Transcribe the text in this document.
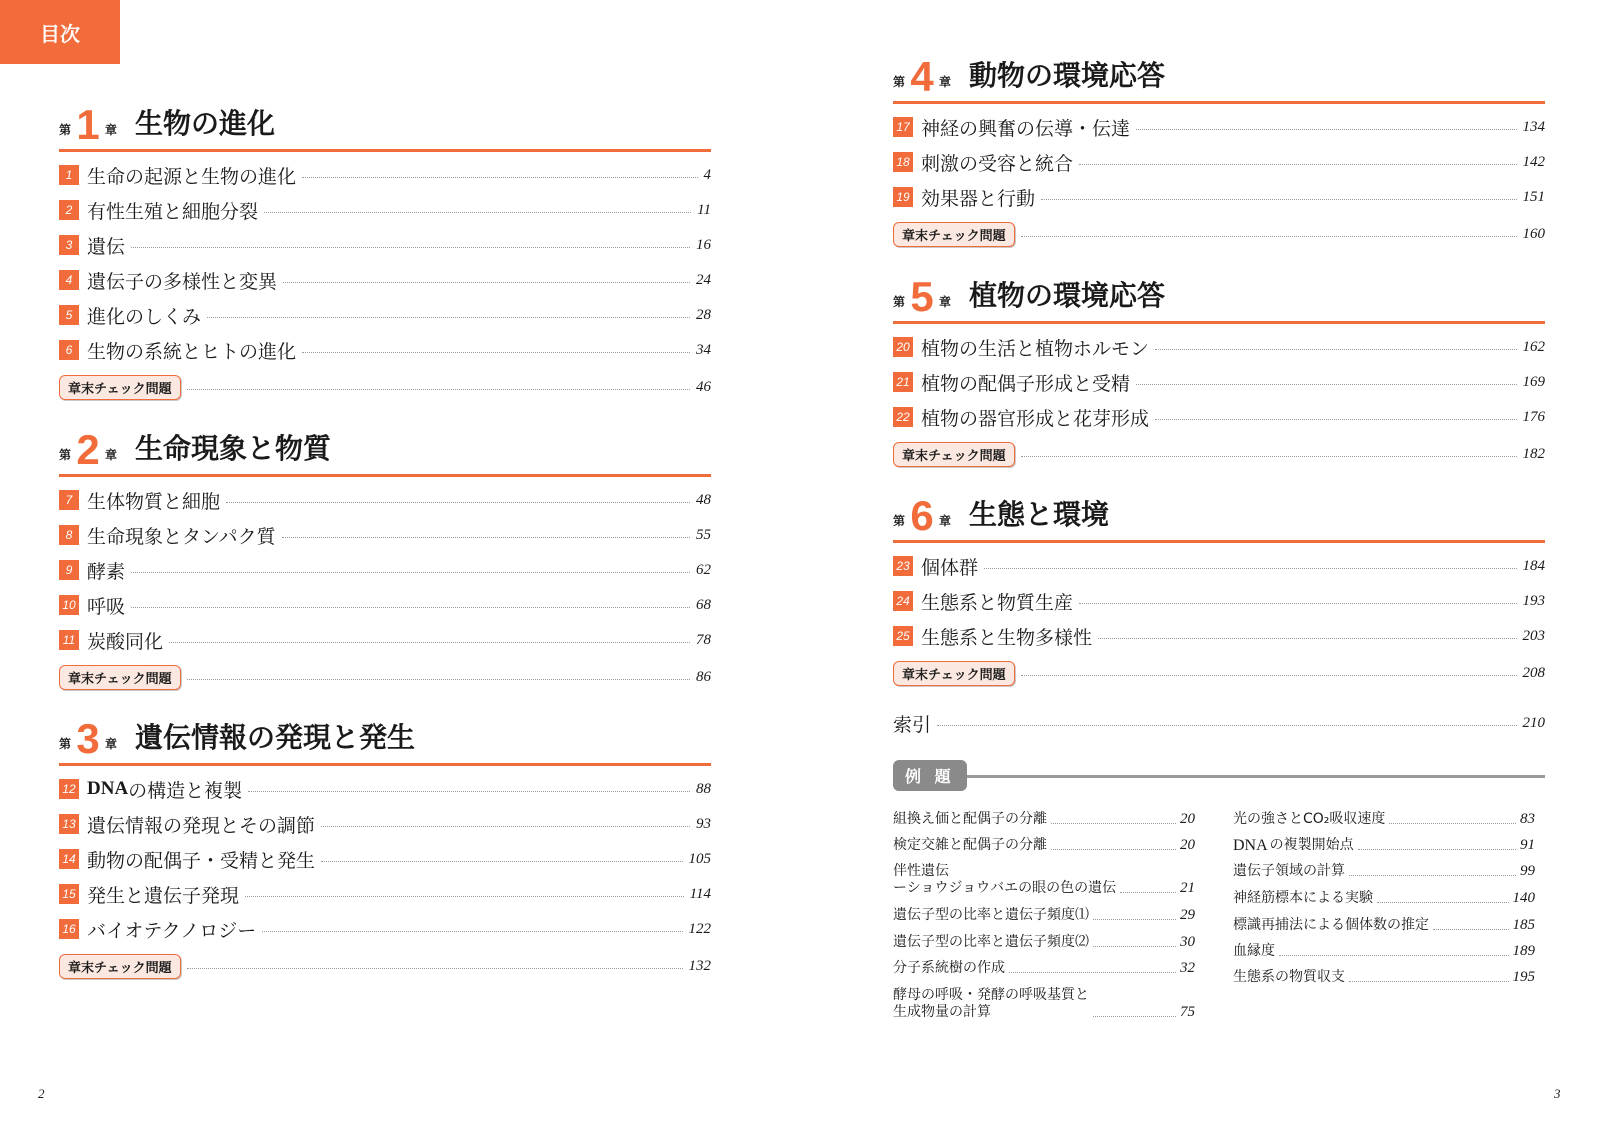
目次
第 1 章 生物の進化
1 生命の起源と生物の進化	4
2 有性生殖と細胞分裂	11
3 遺伝	16
4 遺伝子の多様性と変異	24
5 進化のしくみ	28
6 生物の系統とヒトの進化	34
章末チェック問題	46
第 2 章 生命現象と物質
7 生体物質と細胞	48
8 生命現象とタンパク質	55
9 酵素	62
10 呼吸	68
11 炭酸同化	78
章末チェック問題	86
第 3 章 遺伝情報の発現と発生
12 DNA の構造と複製	88
13 遺伝情報の発現とその調節	93
14 動物の配偶子・受精と発生	105
15 発生と遺伝子発現	114
16 バイオテクノロジー	122
章末チェック問題	132
第 4 章 動物の環境応答
17 神経の興奮の伝導・伝達	134
18 刺激の受容と統合	142
19 効果器と行動	151
章末チェック問題	160
第 5 章 植物の環境応答
20 植物の生活と植物ホルモン	162
21 植物の配偶子形成と受精	169
22 植物の器官形成と花芽形成	176
章末チェック問題	182
第 6 章 生態と環境
23 個体群	184
24 生態系と物質生産	193
25 生態系と生物多様性	203
章末チェック問題	208
索引	210
例 題
組換え価と配偶子の分離	20
検定交雑と配偶子の分離	20
伴性遺伝
ーショウジョウバエの眼の色の遺伝	21
遺伝子型の比率と遺伝子頻度⑴	29
遺伝子型の比率と遺伝子頻度⑵	30
分子系統樹の作成	32
酵母の呼吸・発酵の呼吸基質と
生成物量の計算	75
光の強さとCO₂吸収速度	83
DNA の複製開始点	91
遺伝子領域の計算	99
神経筋標本による実験	140
標識再捕法による個体数の推定	185
血縁度	189
生態系の物質収支	195
2	3
